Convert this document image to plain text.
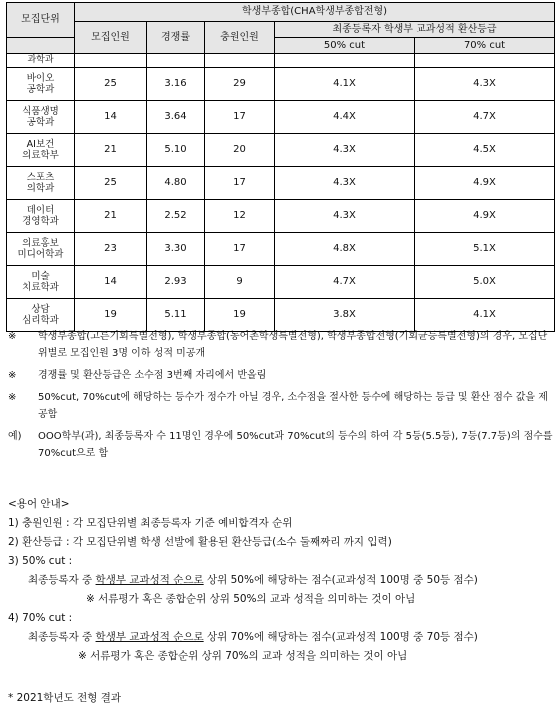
모집단위	학생부종합(CHA학생부종합전형)				
	모집인원	경쟁률	충원인원	최종등록자 학생부 교과성적 환산등급	
				50% cut	70% cut
과학과					
바이오
공학과	25	3.16	29	4.1X	4.3X
식품생명
공학과	14	3.64	17	4.4X	4.7X
AI보건
의료학부	21	5.10	20	4.3X	4.5X
스포츠
의학과	25	4.80	17	4.3X	4.9X
데이터
경영학과	21	2.52	12	4.3X	4.9X
의료홍보
미디어학과	23	3.30	17	4.8X	5.1X
미술
치료학과	14	2.93	9	4.7X	5.0X
상담
심리학과	19	5.11	19	3.8X	4.1X
※	학생부종합(고른기회특별전형), 학생부종합(농어촌학생특별전형), 학생부종합전형(기회균등특별전형)의 경우, 모집단위별로 모집인원 3명 이하 성적 미공개
※	경쟁률 및 환산등급은 소수점 3번째 자리에서 반올림
※	50%cut, 70%cut에 해당하는 등수가 정수가 아닐 경우, 소수점을 절사한 등수에 해당하는 등급 및 환산 점수 값을 제공함
예)	OOO학부(과), 최종등록자 수 11명인 경우에 50%cut과 70%cut의 등수의 하여 각 5등(5.5등), 7등(7.7등)의 점수를 70%cut으로 함
<용어 안내>
1) 충원인원 : 각 모집단위별 최종등록자 기준 예비합격자 순위
2) 환산등급 : 각 모집단위별 학생 선발에 활용된 환산등급(소수 둘째짜리 까지 입력)
3) 50% cut :
최종등록자 중 학생부 교과성적 순으로 상위 50%에 해당하는 점수(교과성적 100명 중 50등 점수)
※ 서류평가 혹은 종합순위 상위 50%의 교과 성적을 의미하는 것이 아님
4) 70% cut :
최종등록자 중 학생부 교과성적 순으로 상위 70%에 해당하는 점수(교과성적 100명 중 70등 점수)
※ 서류평가 혹은 종합순위 상위 70%의 교과 성적을 의미하는 것이 아님
* 2021학년도 전형 결과
